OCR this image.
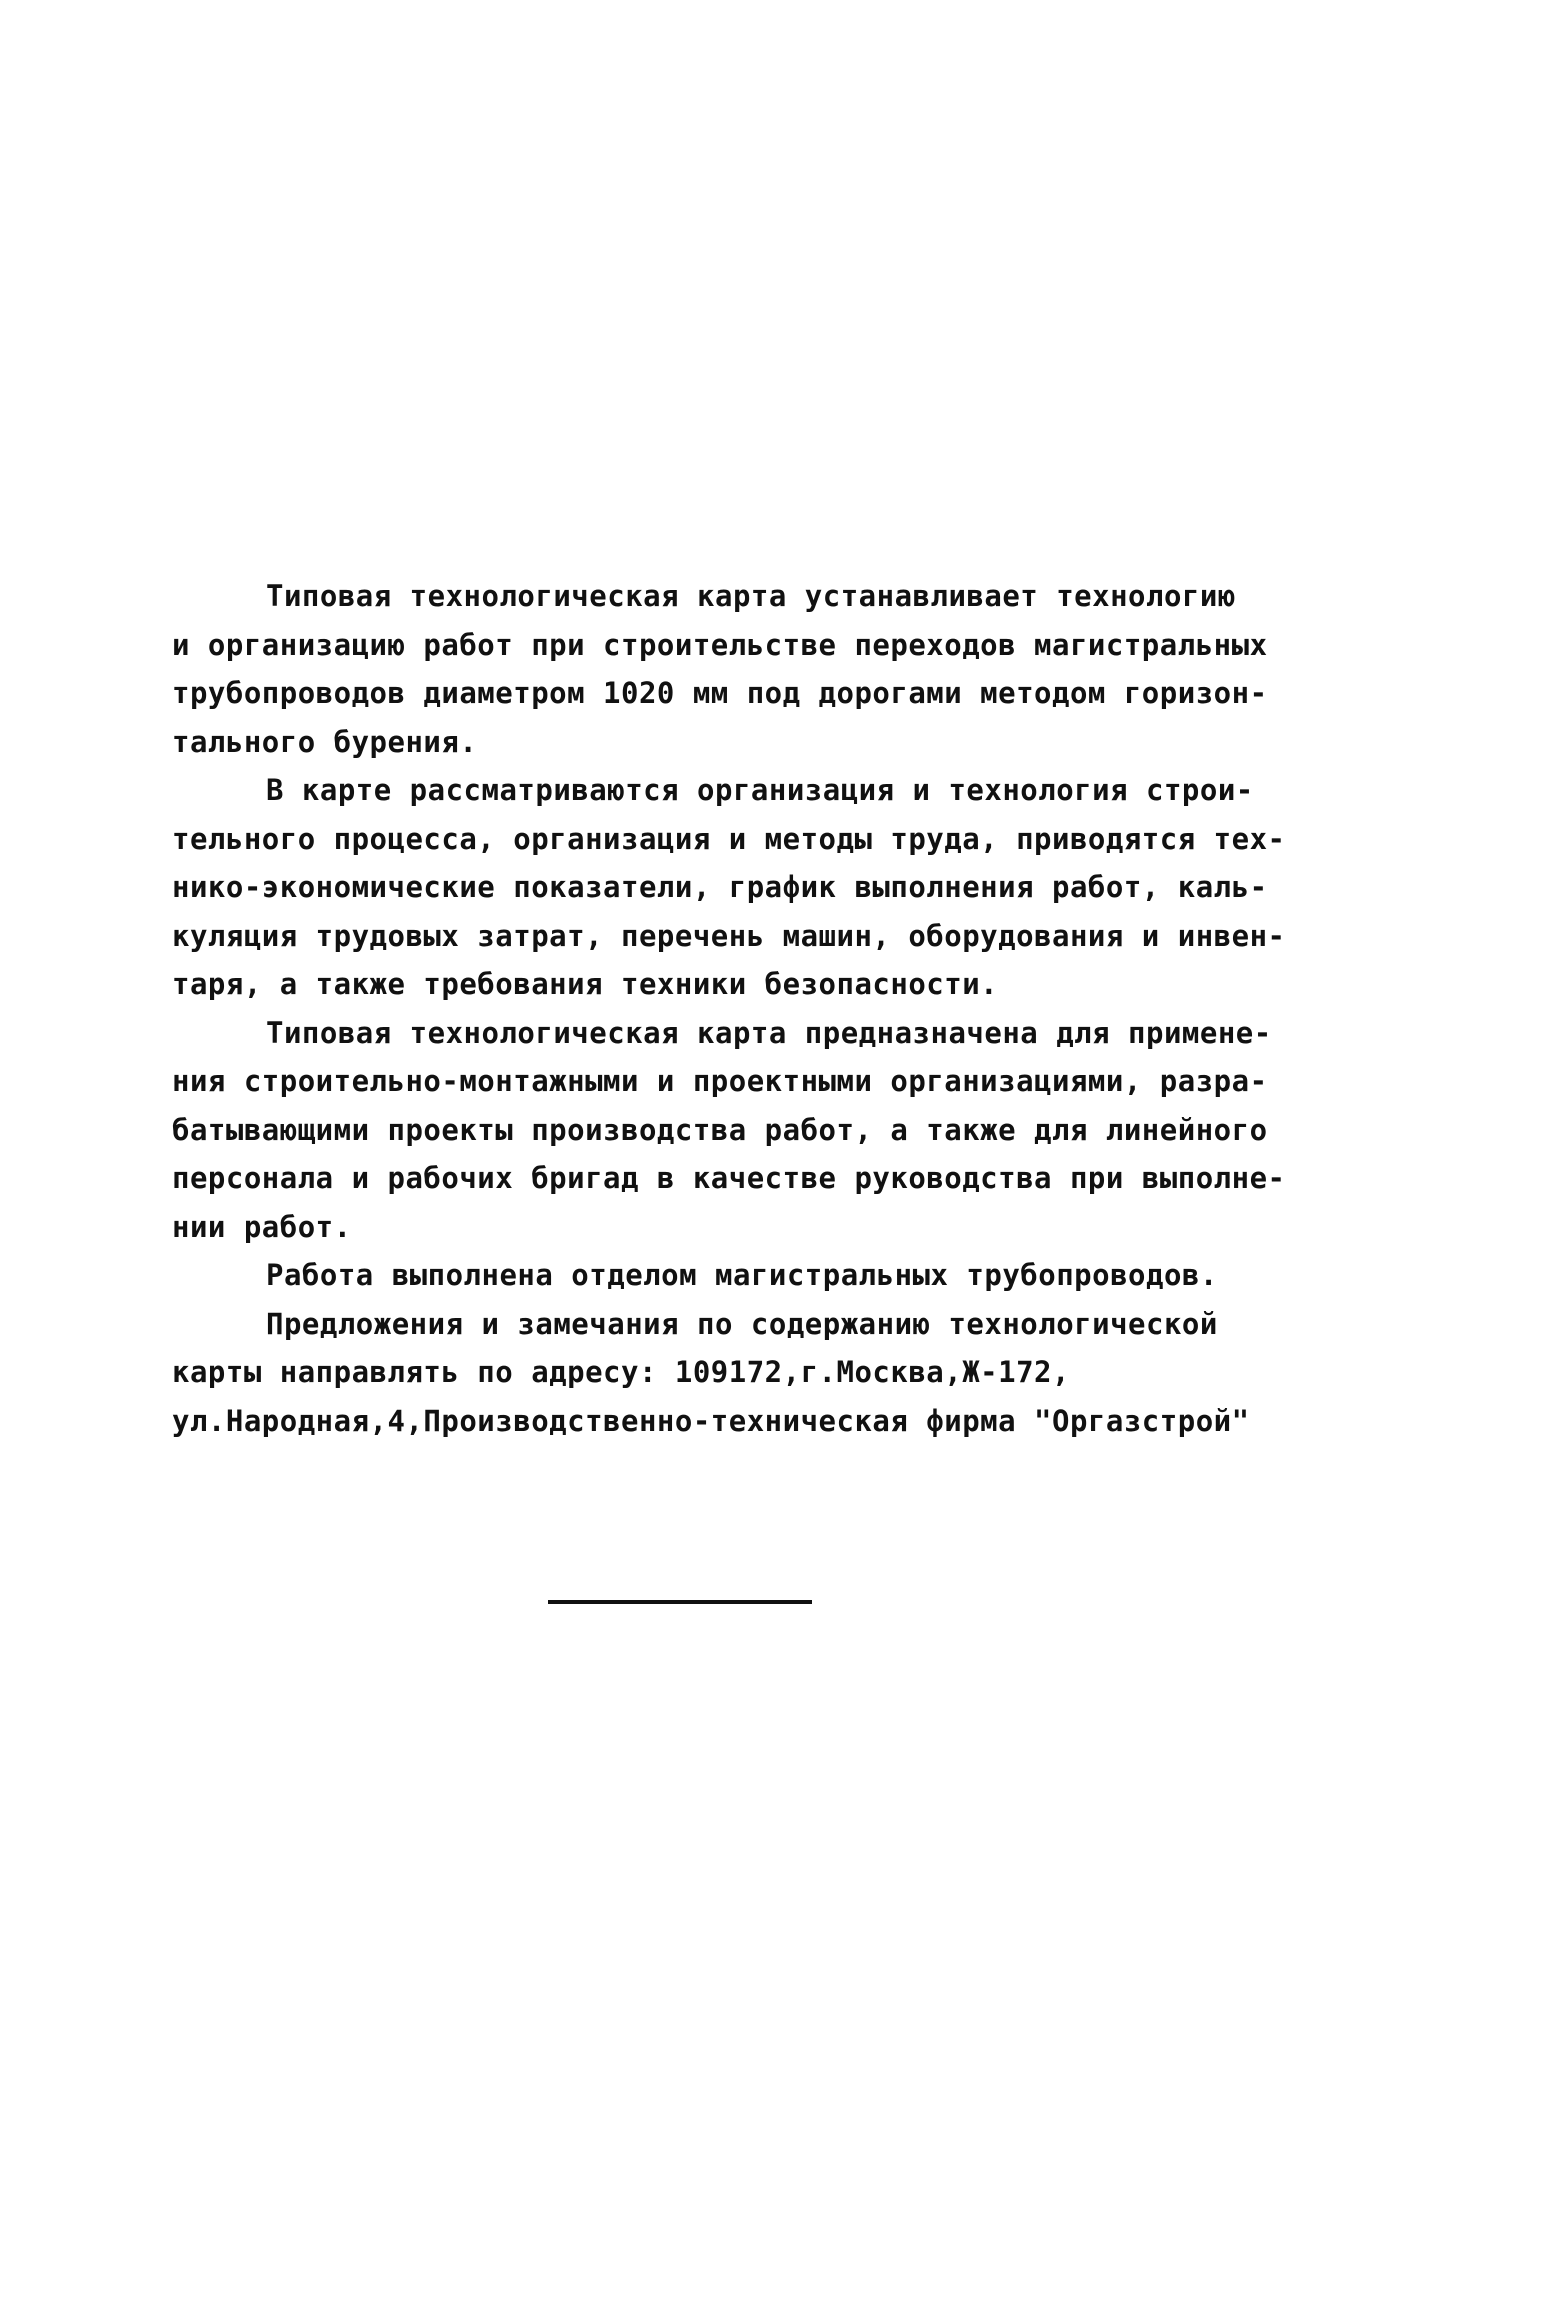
Типовая технологическая карта устанавливает технологию
и организацию работ при строительстве переходов магистральных
трубопроводов диаметром 1020 мм под дорогами методом горизон-
тального бурения.
В карте рассматриваются организация и технология строи-
тельного процесса, организация и методы труда, приводятся тех-
нико-экономические показатели, график выполнения работ, каль-
куляция трудовых затрат, перечень машин, оборудования и инвен-
таря, а также требования техники безопасности.
Типовая технологическая карта предназначена для примене-
ния строительно-монтажными и проектными организациями, разра-
батывающими проекты производства работ, а также для линейного
персонала и рабочих бригад в качестве руководства при выполне-
нии работ.
Работа выполнена отделом магистральных трубопроводов.
Предложения и замечания по содержанию технологической
карты направлять по адресу: 109172,г.Москва,Ж-172,
ул.Народная,4,Производственно-техническая фирма "Оргазстрой"
